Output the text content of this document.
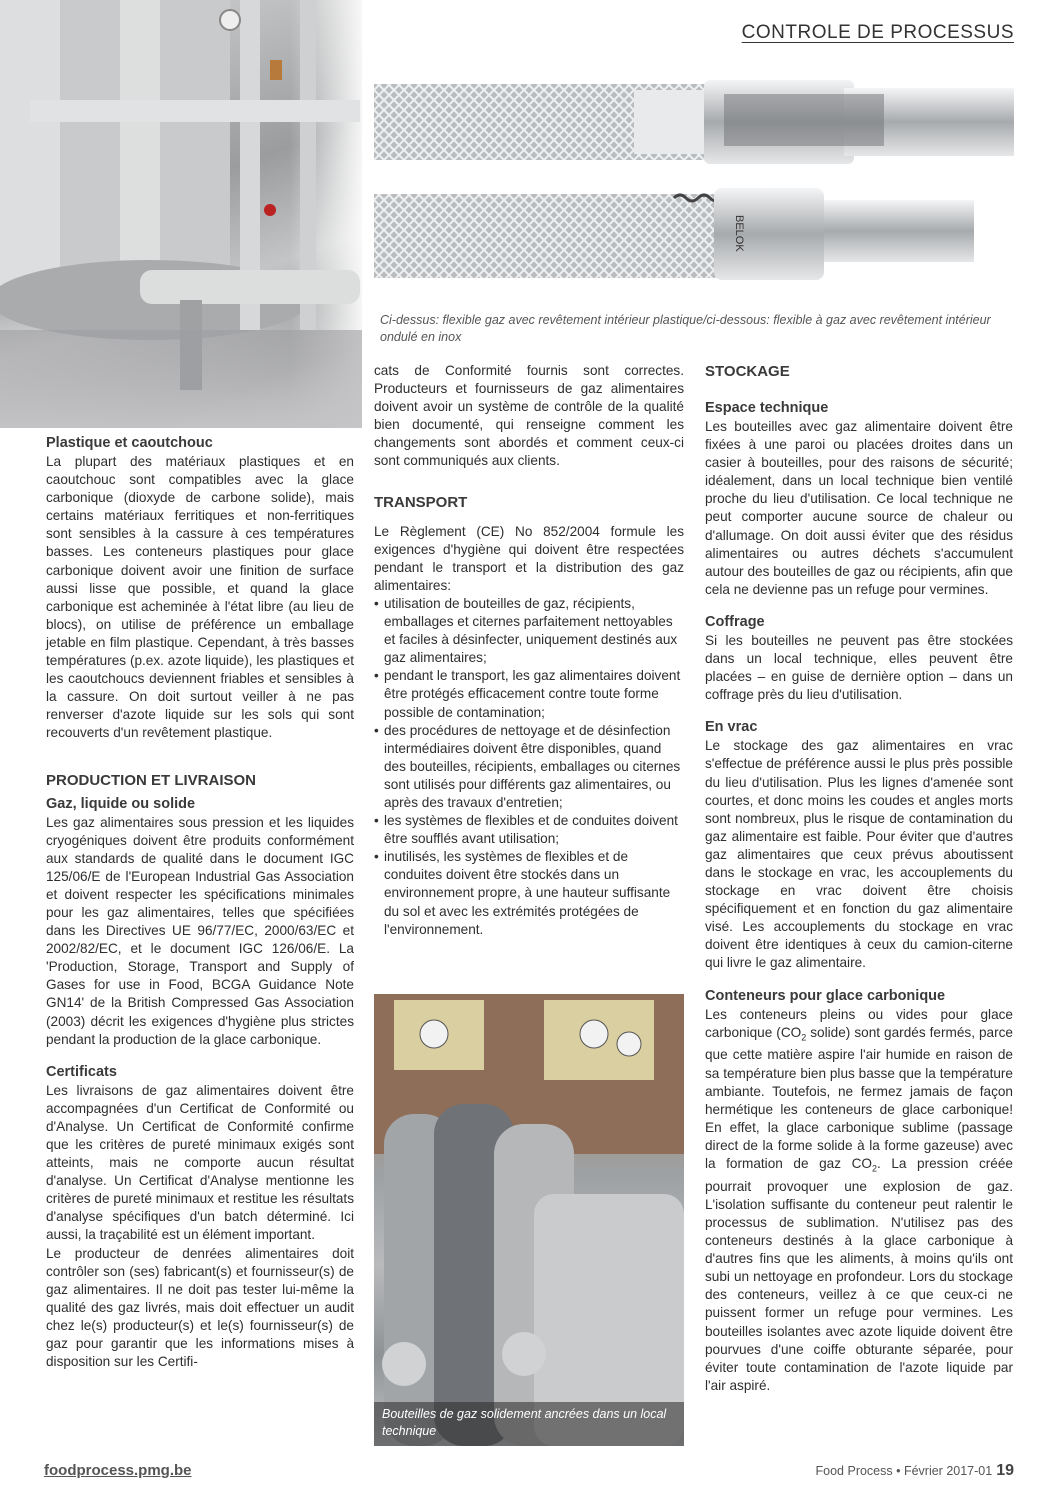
CONTROLE DE PROCESSUS
BELOK
Ci-dessus: flexible gaz avec revêtement intérieur plastique/ci-dessous: flexible à gaz avec revêtement intérieur ondulé en inox
Bouteilles de gaz solidement ancrées dans un local technique
Plastique et caoutchouc

La plupart des matériaux plastiques et en caoutchouc sont compatibles avec la glace carbonique (dioxyde de carbone solide), mais certains matériaux ferritiques et non-ferritiques sont sensibles à la cassure à ces températures basses. Les conteneurs plastiques pour glace carbonique doivent avoir une finition de surface aussi lisse que possible, et quand la glace carbonique est acheminée à l'état libre (au lieu de blocs), on utilise de préférence un emballage jetable en film plastique. Cependant, à très basses températures (p.ex. azote liquide), les plastiques et les caoutchoucs deviennent friables et sensibles à la cassure. On doit surtout veiller à ne pas renverser d'azote liquide sur les sols qui sont recouverts d'un revêtement plastique.

PRODUCTION ET LIVRAISON
Gaz, liquide ou solide

Les gaz alimentaires sous pression et les liquides cryogéniques doivent être produits conformément aux standards de qualité dans le document IGC 125/06/E de l'European Industrial Gas Association et doivent respecter les spécifications minimales pour les gaz alimentaires, telles que spécifiées dans les Directives UE 96/77/EC, 2000/63/EC et 2002/82/EC, et le document IGC 126/06/E. La 'Production, Storage, Transport and Supply of Gases for use in Food, BCGA Guidance Note GN14' de la British Compressed Gas Association (2003) décrit les exigences d'hygiène plus strictes pendant la production de la glace carbonique.

Certificats

Les livraisons de gaz alimentaires doivent être accompagnées d'un Certificat de Conformité ou d'Analyse. Un Certificat de Conformité confirme que les critères de pureté minimaux exigés sont atteints, mais ne comporte aucun résultat d'analyse. Un Certificat d'Analyse mentionne les critères de pureté minimaux et restitue les résultats d'analyse spécifiques d'un batch déterminé. Ici aussi, la traçabilité est un élément important.

Le producteur de denrées alimentaires doit contrôler son (ses) fabricant(s) et fournisseur(s) de gaz alimentaires. Il ne doit pas tester lui-même la qualité des gaz livrés, mais doit effectuer un audit chez le(s) producteur(s) et le(s) fournisseur(s) de gaz pour garantir que les informations mises à disposition sur les Certifi-

cats de Conformité fournis sont correctes. Producteurs et fournisseurs de gaz alimentaires doivent avoir un système de contrôle de la qualité bien documenté, qui renseigne comment les changements sont abordés et comment ceux-ci sont communiqués aux clients.

TRANSPORT

Le Règlement (CE) No 852/2004 formule les exigences d'hygiène qui doivent être respectées pendant le transport et la distribution des gaz alimentaires:

• utilisation de bouteilles de gaz, récipients, emballages et citernes parfaitement nettoyables et faciles à désinfecter, uniquement destinés aux gaz alimentaires;
• pendant le transport, les gaz alimentaires doivent être protégés efficacement contre toute forme possible de contamination;
• des procédures de nettoyage et de désinfection intermédiaires doivent être disponibles, quand des bouteilles, récipients, emballages ou citernes sont utilisés pour différents gaz alimentaires, ou après des travaux d'entretien;
• les systèmes de flexibles et de conduites doivent être soufflés avant utilisation;
• inutilisés, les systèmes de flexibles et de conduites doivent être stockés dans un environnement propre, à une hauteur suffisante du sol et avec les extrémités protégées de l'environnement.
STOCKAGE
Espace technique

Les bouteilles avec gaz alimentaire doivent être fixées à une paroi ou placées droites dans un casier à bouteilles, pour des raisons de sécurité; idéalement, dans un local technique bien ventilé proche du lieu d'utilisation. Ce local technique ne peut comporter aucune source de chaleur ou d'allumage. On doit aussi éviter que des résidus alimentaires ou autres déchets s'accumulent autour des bouteilles de gaz ou récipients, afin que cela ne devienne pas un refuge pour vermines.

Coffrage

Si les bouteilles ne peuvent pas être stockées dans un local technique, elles peuvent être placées – en guise de dernière option – dans un coffrage près du lieu d'utilisation.

En vrac

Le stockage des gaz alimentaires en vrac s'effectue de préférence aussi le plus près possible du lieu d'utilisation. Plus les lignes d'amenée sont courtes, et donc moins les coudes et angles morts sont nombreux, plus le risque de contamination du gaz alimentaire est faible. Pour éviter que d'autres gaz alimentaires que ceux prévus aboutissent dans le stockage en vrac, les accouplements du stockage en vrac doivent être choisis spécifiquement et en fonction du gaz alimentaire visé. Les accouplements du stockage en vrac doivent être identiques à ceux du camion-citerne qui livre le gaz alimentaire.

Conteneurs pour glace carbonique

Les conteneurs pleins ou vides pour glace carbonique ($CO_2$ solide) sont gardés fermés, parce que cette matière aspire l'air humide en raison de sa température bien plus basse que la température ambiante. Toutefois, ne fermez jamais de façon hermétique les conteneurs de glace carbonique! En effet, la glace carbonique sublime (passage direct de la forme solide à la forme gazeuse) avec la formation de gaz $CO_2$. La pression créée pourrait provoquer une explosion de gaz. L'isolation suffisante du conteneur peut ralentir le processus de sublimation. N'utilisez pas des conteneurs destinés à la glace carbonique à d'autres fins que les aliments, à moins qu'ils ont subi un nettoyage en profondeur. Lors du stockage des conteneurs, veillez à ce que ceux-ci ne puissent former un refuge pour vermines. Les bouteilles isolantes avec azote liquide doivent être pourvues d'une coiffe obturante séparée, pour éviter toute contamination de l'azote liquide par l'air aspiré.

foodprocess.pmg.be	Food Process • Février 2017-01 19
